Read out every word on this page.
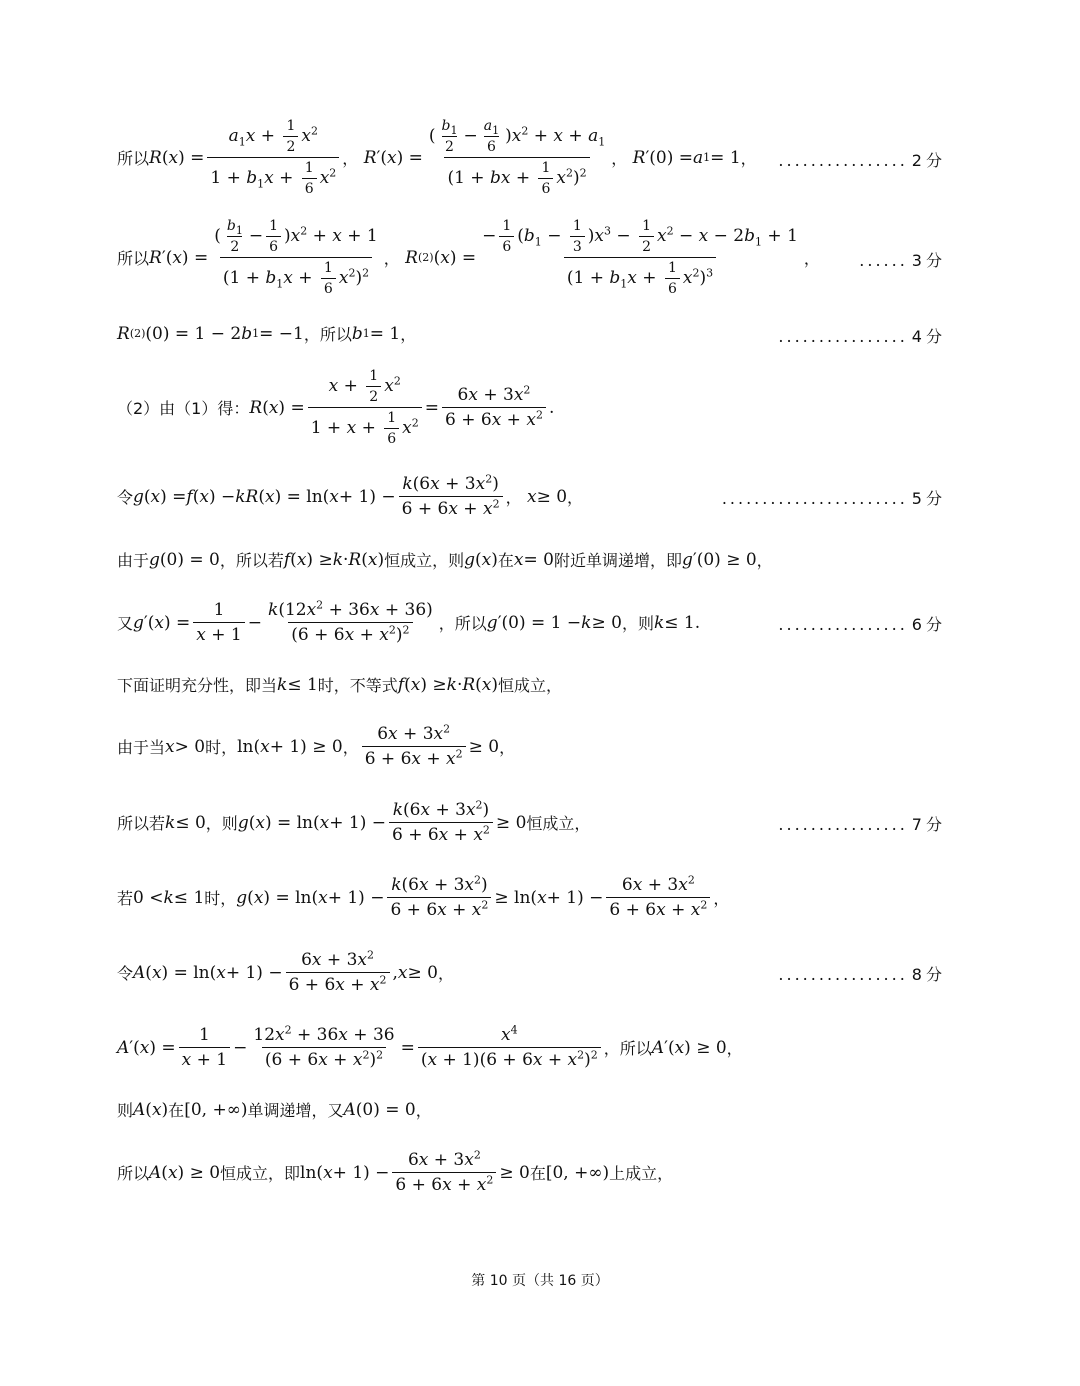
所以 R ( x ) = $\frac{a_1x + \frac{1}{2} x^2}{1 + b_1x + \frac{1}{6} x^2}$ ，
R ′( x ) = $\frac{( \frac{b_1}{2} - \frac{a_1}{6} )x^2 + x + a_1}{(1 + bx + \frac{1}{6} x^2)^2}$ ，
R ′(0) = a 1 = 1 ， ................ 2 分
所以 R ′( x ) = $\frac{( \frac{b_1}{2} - \frac{1}{6} )x^2 + x + 1}{(1 + b_1x + \frac{1}{6} x^2)^2}$ ，
R (2) ( x ) = $\frac{- \frac{1}{6} (b_1 - \frac{1}{3} )x^3 - \frac{1}{2} x^2 - x - 2b_1 + 1}{(1 + b_1x + \frac{1}{6} x^2)^3}$ ， ...... 3 分
R (2) (0) = 1 − 2 b 1 = −1 ，所以 b 1 = 1 ，	................ 4 分
（2）由（1）得： R ( x ) = $\frac{x + \frac{1}{2} x^2}{1 + x + \frac{1}{6} x^2} = \frac{6x + 3x^2}{6 + 6x + x^2}$ .
令 g ( x ) = f ( x ) − kR ( x ) = ln( $x + 1) - \frac{k(6x + 3x^2)}{6 + 6x + x^2}$ ，
x ≥ 0 ，	....................... 5 分
由于 g (0) = 0 ，所以若 f ( x ) ≥ k · R ( x ) 恒成立，则 g ( x ) 在 x = 0 附近单调递增，即 g ′(0) ≥ 0 ，
又 g ′( x ) = $\frac{1}{x + 1} - \frac{k(12x^2 + 36x + 36)}{(6 + 6x + x^2)^2}$ ，所以 g ′(0) = 1 − k ≥ 0 ，则 k ≤ 1.	................ 6 分
下面证明充分性，即当 k ≤ 1 时，不等式 f ( x ) ≥ k · R ( x ) 恒成立，
由于当 x > 0 时， ln( x + 1) ≥ 0 ， $\frac{6x + 3x^2}{6 + 6x + x^2} \ge 0$ ，
所以若 k ≤ 0 ，则 g ( x ) = ln( $x + 1) - \frac{k(6x + 3x^2)}{6 + 6x + x^2} \ge 0$ 恒成立，	................ 7 分
若 0 < k ≤ 1 时， g ( x ) = ln( $x + 1) - \frac{k(6x + 3x^2)}{6 + 6x + x^2} \ge \ln$( $x + 1) - \frac{6x + 3x^2}{6 + 6x + x^2}$ ，
令 A ( x ) = ln( $x + 1) - \frac{6x + 3x^2}{6 + 6x + x^2}$ , x ≥ 0 ，	................ 8 分
A ′( x ) = $\frac{1}{x + 1} - \frac{12x^2 + 36x + 36}{(6 + 6x + x^2)^2} = \frac{x^4}{(x + 1)(6 + 6x + x^2)^2}$ ，所以 A ′( x ) ≥ 0 ，
则 A ( x ) 在 [0, +∞) 单调递增，又 A (0) = 0 ，
所以 A ( x ) ≥ 0 恒成立，即 ln( $x + 1) - \frac{6x + 3x^2}{6 + 6x + x^2} \ge 0$ 在 [0, +∞) 上成立，
第 10 页（共 16 页）
